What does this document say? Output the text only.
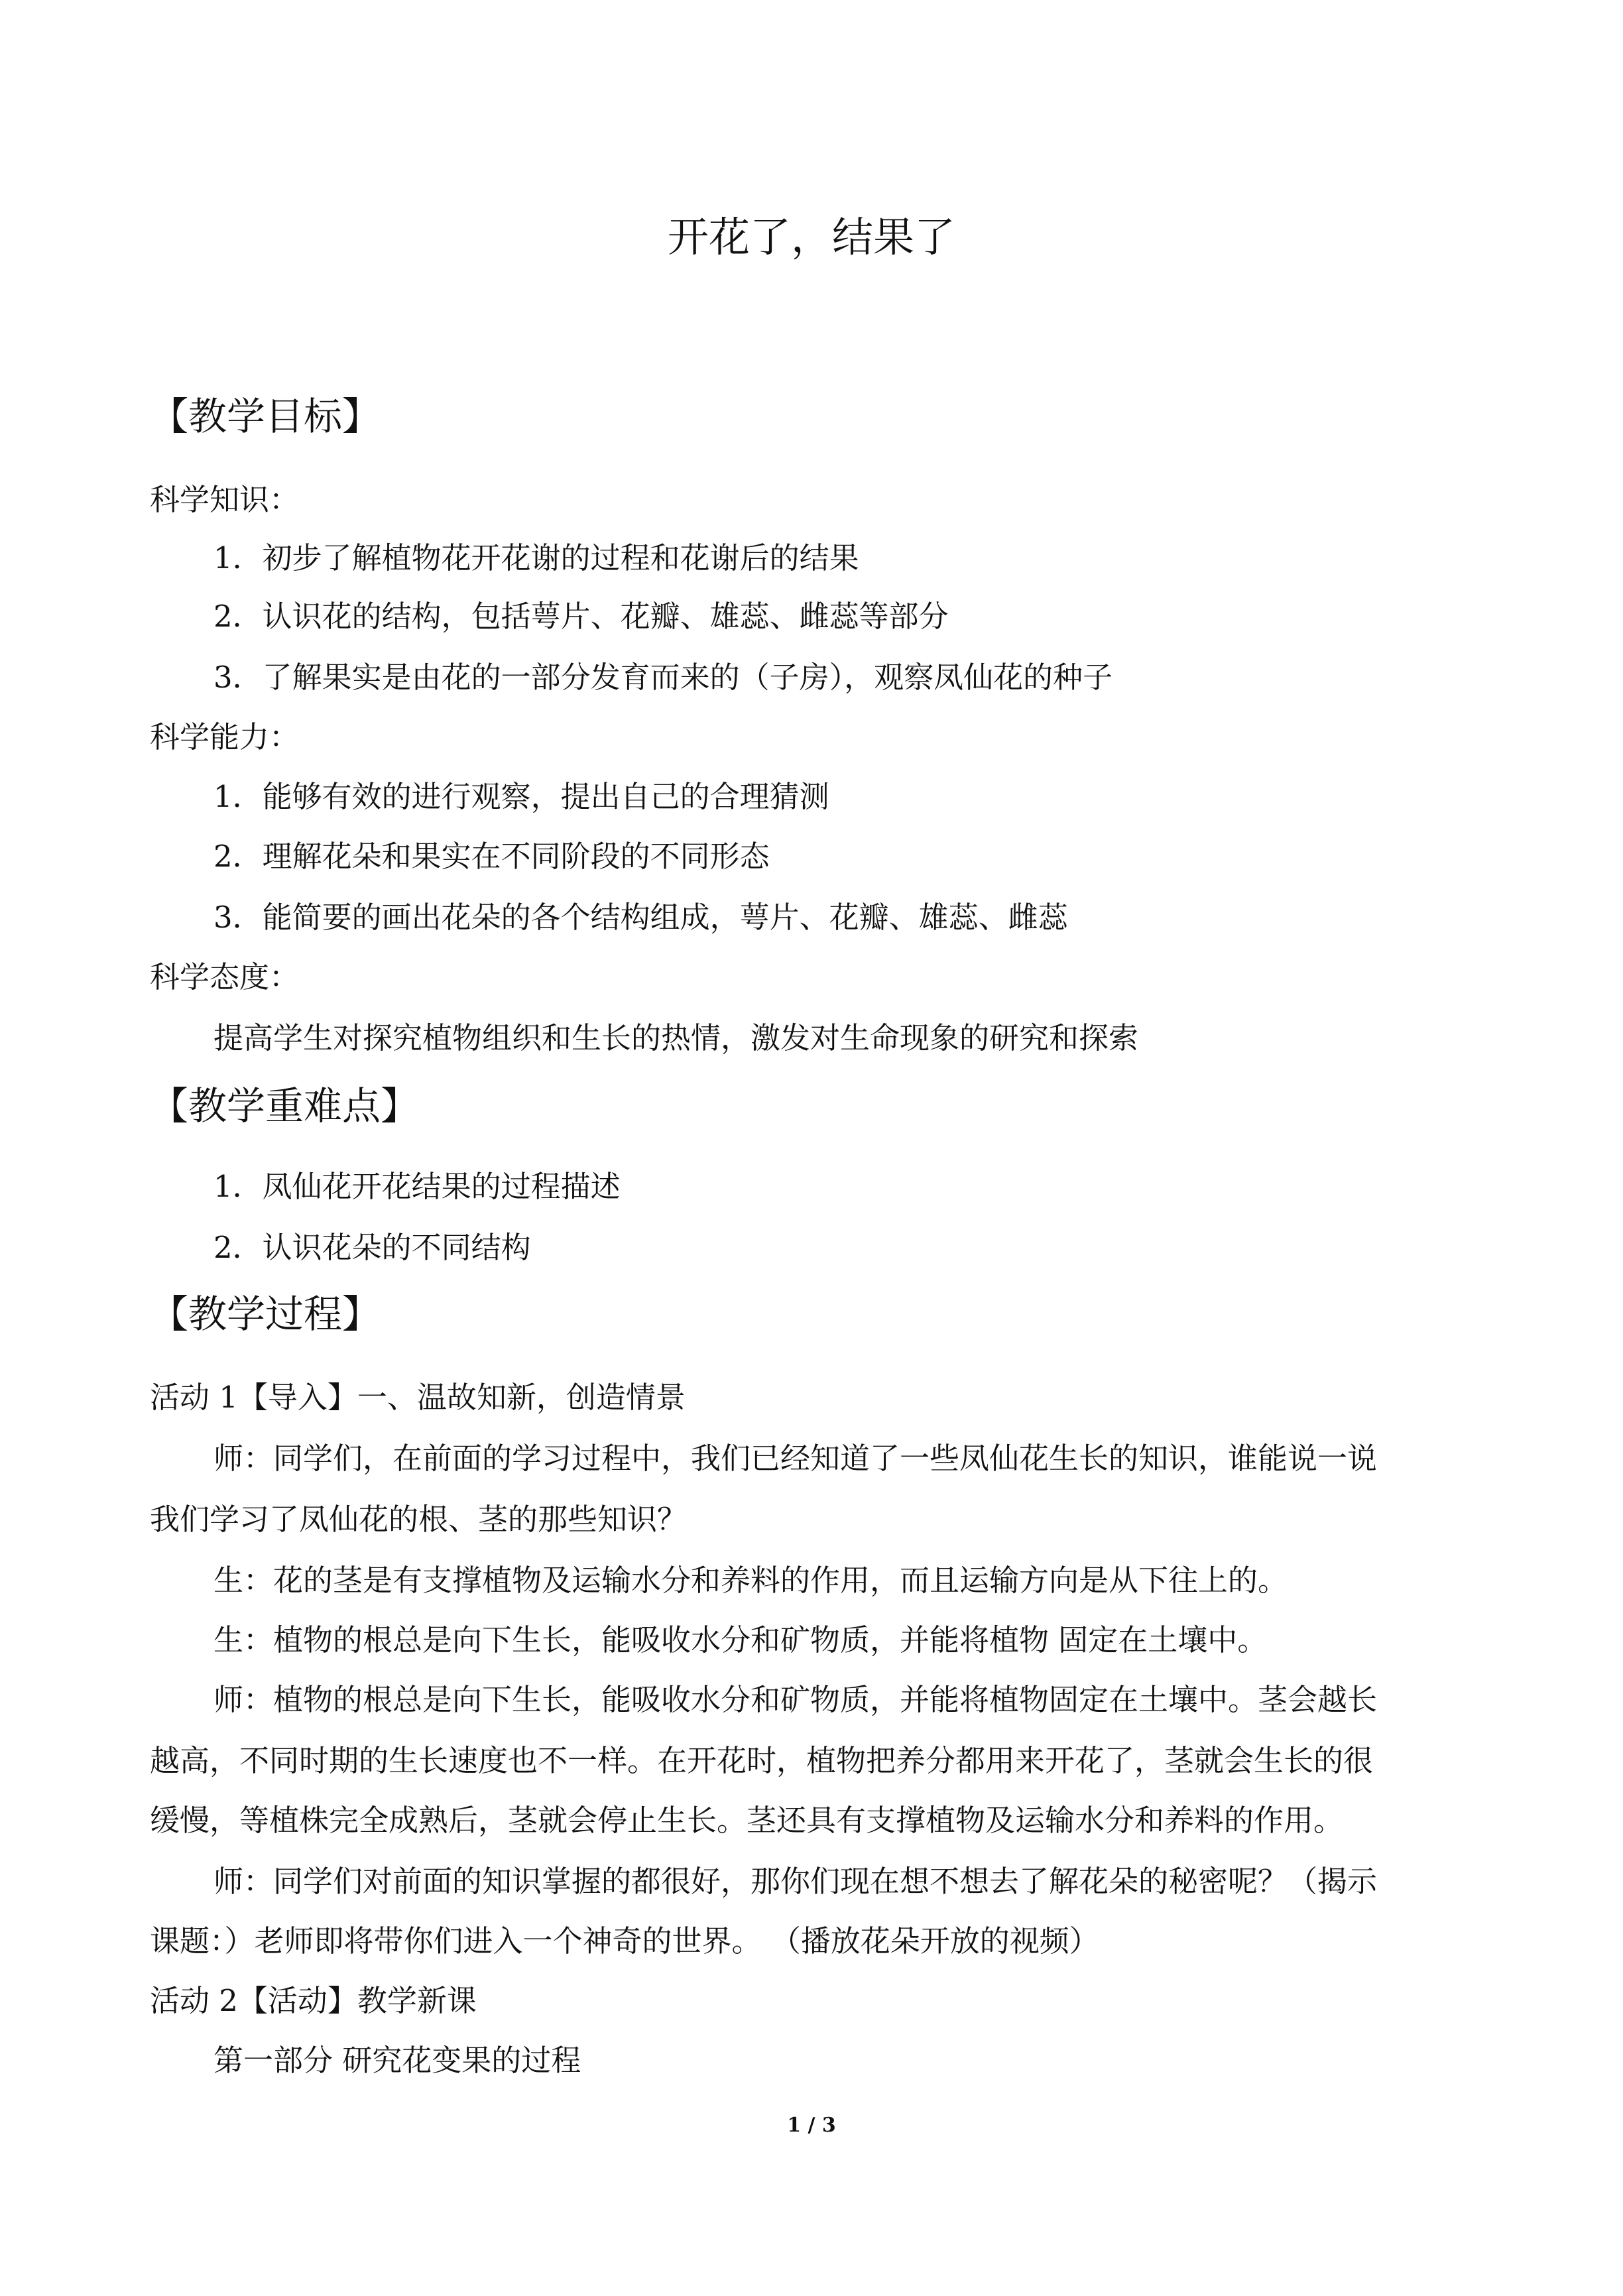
开花了，结果了
【教学目标】
科学知识：
1．初步了解植物花开花谢的过程和花谢后的结果
2．认识花的结构，包括萼片、花瓣、雄蕊、雌蕊等部分
3．了解果实是由花的一部分发育而来的（子房），观察凤仙花的种子
科学能力：
1．能够有效的进行观察，提出自己的合理猜测
2．理解花朵和果实在不同阶段的不同形态
3．能简要的画出花朵的各个结构组成，萼片、花瓣、雄蕊、雌蕊
科学态度：
提高学生对探究植物组织和生长的热情，激发对生命现象的研究和探索
【教学重难点】
1．凤仙花开花结果的过程描述
2．认识花朵的不同结构
【教学过程】
活动 1【导入】一、温故知新，创造情景
师：同学们，在前面的学习过程中，我们已经知道了一些凤仙花生长的知识，谁能说一说
我们学习了凤仙花的根、茎的那些知识？
生：花的茎是有支撑植物及运输水分和养料的作用，而且运输方向是从下往上的。
生：植物的根总是向下生长，能吸收水分和矿物质，并能将植物 固定在土壤中。
师：植物的根总是向下生长，能吸收水分和矿物质，并能将植物固定在土壤中。茎会越长
越高，不同时期的生长速度也不一样。在开花时，植物把养分都用来开花了，茎就会生长的很
缓慢，等植株完全成熟后，茎就会停止生长。茎还具有支撑植物及运输水分和养料的作用。
师：同学们对前面的知识掌握的都很好，那你们现在想不想去了解花朵的秘密呢？（揭示
课题：）老师即将带你们进入一个神奇的世界。 （播放花朵开放的视频）
活动 2【活动】教学新课
第一部分 研究花变果的过程
1 / 3
